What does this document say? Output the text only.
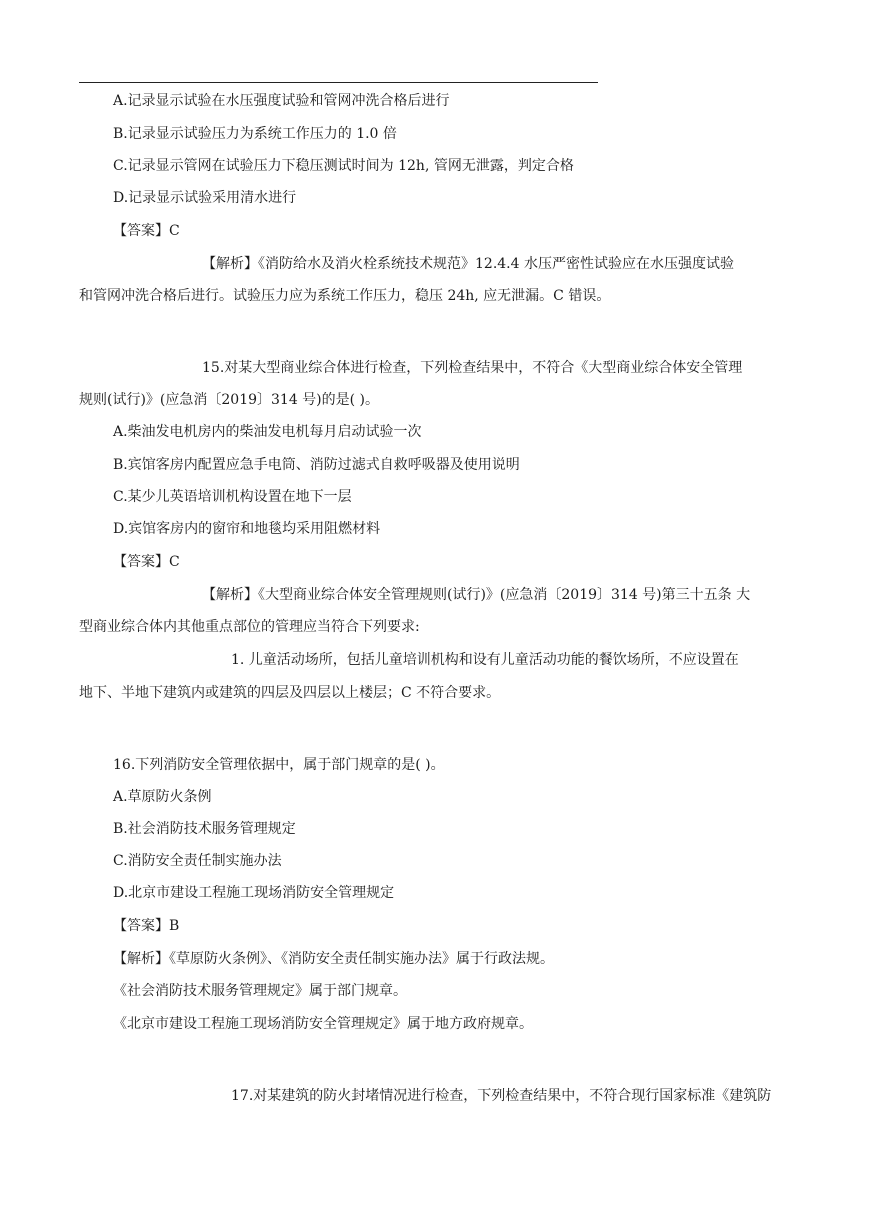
A.记录显示试验在水压强度试验和管网冲洗合格后进行
B.记录显示试验压力为系统工作压力的 1.0 倍
C.记录显示管网在试验压力下稳压测试时间为 12h, 管网无泄露，判定合格
D.记录显示试验采用清水进行
【答案】C
【解析】《消防给水及消火栓系统技术规范》12.4.4 水压严密性试验应在水压强度试验
和管网冲洗合格后进行。试验压力应为系统工作压力，稳压 24h, 应无泄漏。C 错误。
15.对某大型商业综合体进行检查，下列检查结果中，不符合《大型商业综合体安全管理
规则(试行)》(应急消〔2019〕314 号)的是( )。
A.柴油发电机房内的柴油发电机每月启动试验一次
B.宾馆客房内配置应急手电筒、消防过滤式自救呼吸器及使用说明
C.某少儿英语培训机构设置在地下一层
D.宾馆客房内的窗帘和地毯均采用阻燃材料
【答案】C
【解析】《大型商业综合体安全管理规则(试行)》(应急消〔2019〕314 号)第三十五条 大
型商业综合体内其他重点部位的管理应当符合下列要求:
1. 儿童活动场所，包括儿童培训机构和设有儿童活动功能的餐饮场所，不应设置在
地下、半地下建筑内或建筑的四层及四层以上楼层；C 不符合要求。
16.下列消防安全管理依据中，属于部门规章的是( )。
A.草原防火条例
B.社会消防技术服务管理规定
C.消防安全责任制实施办法
D.北京市建设工程施工现场消防安全管理规定
【答案】B
【解析】《草原防火条例》、《消防安全责任制实施办法》属于行政法规。
《社会消防技术服务管理规定》属于部门规章。
《北京市建设工程施工现场消防安全管理规定》属于地方政府规章。
17.对某建筑的防火封堵情况进行检查，下列检查结果中，不符合现行国家标准《建筑防
